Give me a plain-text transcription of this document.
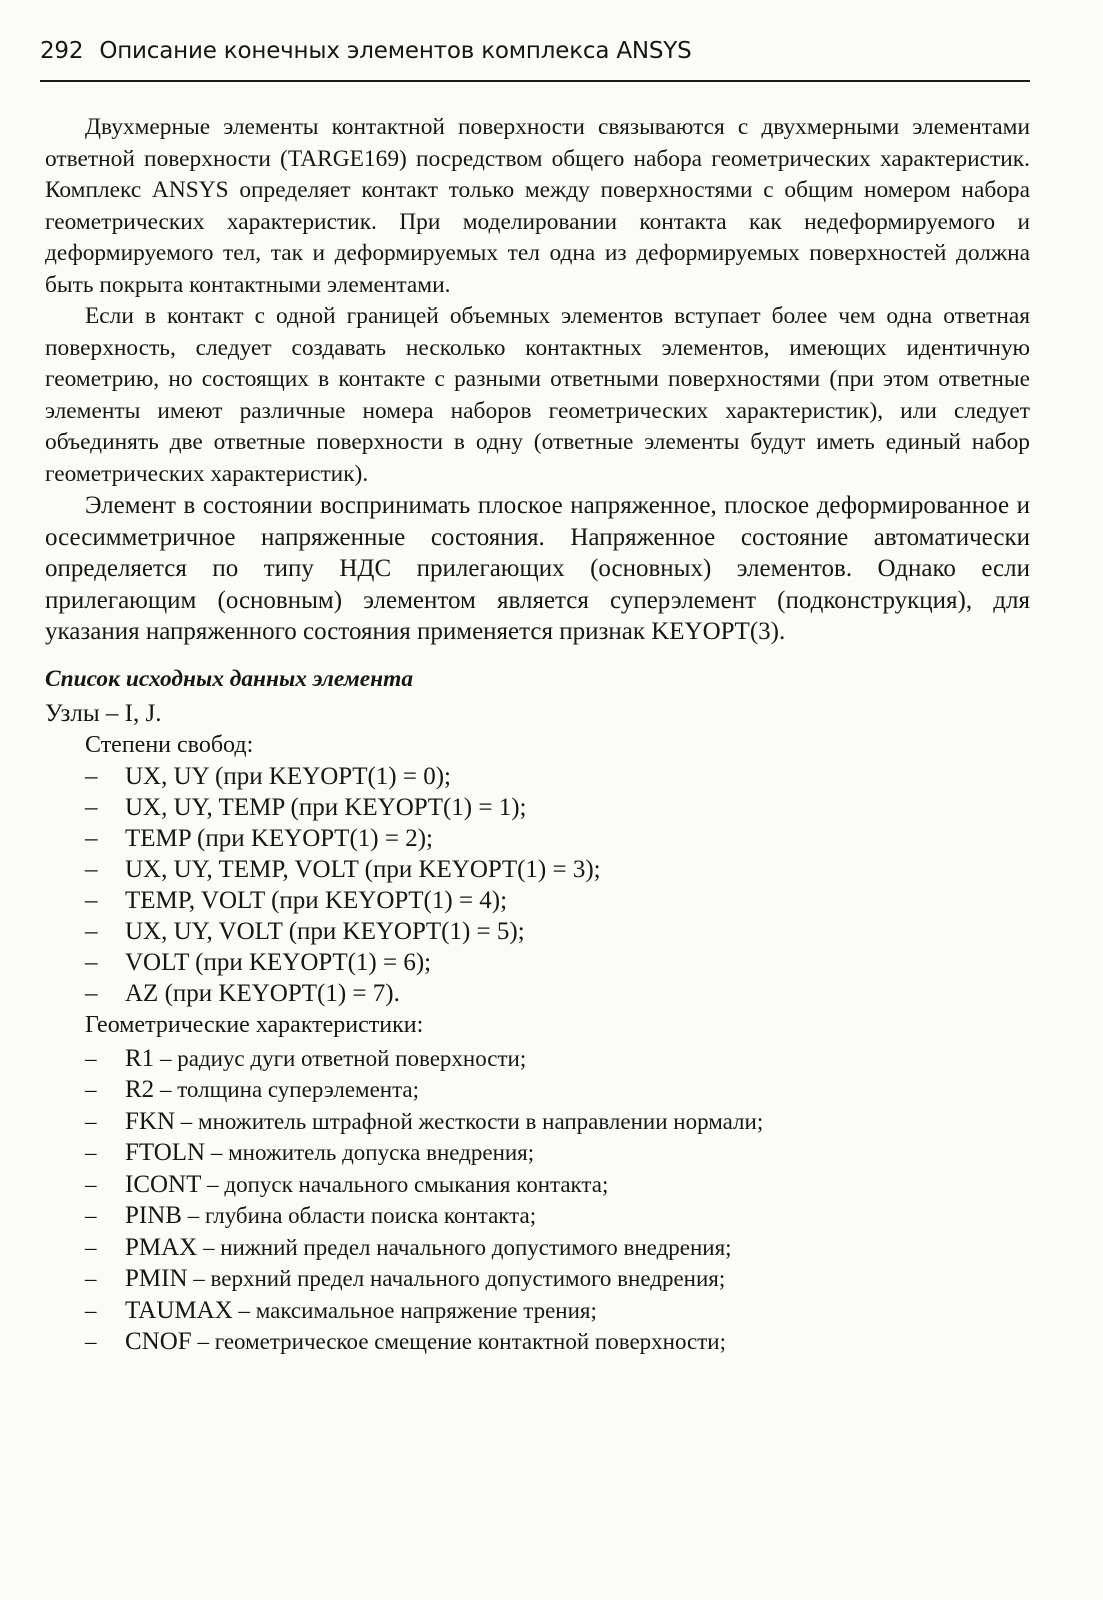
292 Описание конечных элементов комплекса ANSYS

Двухмерные элементы контактной поверхности связываются с двухмерными элементами ответной поверхности (TARGE169) посредством общего набора геометрических характеристик. Комплекс ANSYS определяет контакт только между поверхностями с общим номером набора геометрических характеристик. При моделировании контакта как недеформируемого и деформируемого тел, так и деформируемых тел одна из деформируемых поверхностей должна быть покрыта контактными элементами.

Если в контакт с одной границей объемных элементов вступает более чем одна ответная поверхность, следует создавать несколько контактных элементов, имеющих идентичную геометрию, но состоящих в контакте с разными ответными поверхностями (при этом ответные элементы имеют различные номера наборов геометрических характеристик), или следует объединять две ответные поверхности в одну (ответные элементы будут иметь единый набор геометрических характеристик).

Элемент в состоянии воспринимать плоское напряженное, плоское деформированное и осесимметричное напряженные состояния. Напряженное состояние автоматически определяется по типу НДС прилегающих (основных) элементов. Однако если прилегающим (основным) элементом является суперэлемент (подконструкция), для указания напряженного состояния применяется признак KEYOPT(3).

Список исходных данных элемента
Узлы – I, J.
Степени свобод:
– UX, UY (при KEYOPT(1) = 0);
– UX, UY, TEMP (при KEYOPT(1) = 1);
– TEMP (при KEYOPT(1) = 2);
– UX, UY, TEMP, VOLT (при KEYOPT(1) = 3);
– TEMP, VOLT (при KEYOPT(1) = 4);
– UX, UY, VOLT (при KEYOPT(1) = 5);
– VOLT (при KEYOPT(1) = 6);
– AZ (при KEYOPT(1) = 7).
Геометрические характеристики:
– R1 – радиус дуги ответной поверхности;
– R2 – толщина суперэлемента;
– FKN – множитель штрафной жесткости в направлении нормали;
– FTOLN – множитель допуска внедрения;
– ICONT – допуск начального смыкания контакта;
– PINB – глубина области поиска контакта;
– PMAX – нижний предел начального допустимого внедрения;
– PMIN – верхний предел начального допустимого внедрения;
– TAUMAX – максимальное напряжение трения;
– CNOF – геометрическое смещение контактной поверхности;
